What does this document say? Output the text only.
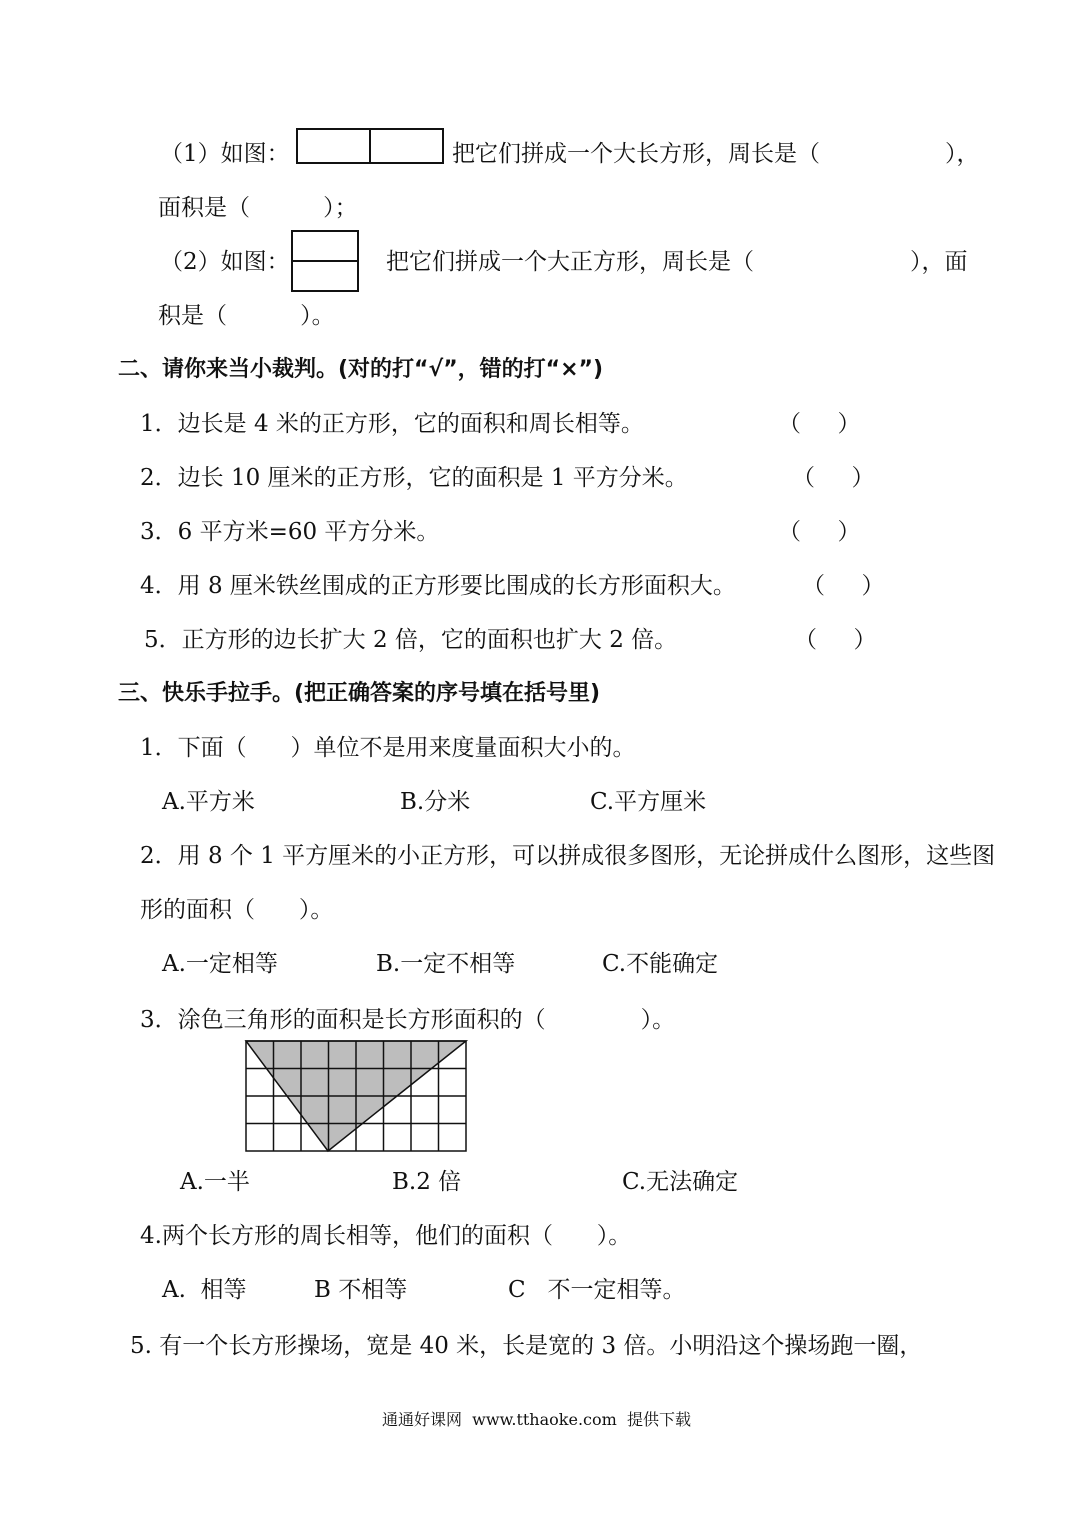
（1）如图：	把它们拼成一个大长方形，周长是（	），
面积是（          ）；
（2）如图：	把它们拼成一个大正方形，周长是（	），面
积是（          ）。
二、请你来当小裁判。(对的打“√”，错的打“×”)
1．边长是 4 米的正方形，它的面积和周长相等。	（     ）
2．边长 10 厘米的正方形，它的面积是 1 平方分米。	（     ）
3．6 平方米=60 平方分米。	（     ）
4．用 8 厘米铁丝围成的正方形要比围成的长方形面积大。	（     ）
5．正方形的边长扩大 2 倍，它的面积也扩大 2 倍。	（     ）
三、快乐手拉手。(把正确答案的序号填在括号里)
1．下面（      ）单位不是用来度量面积大小的。
A.平方米	B.分米	C.平方厘米
2．用 8 个 1 平方厘米的小正方形，可以拼成很多图形，无论拼成什么图形，这些图
形的面积（      ）。
A.一定相等	B.一定不相等	C.不能确定
3．涂色三角形的面积是长方形面积的（             ）。
A.一半	B.2 倍	C.无法确定
4.两个长方形的周长相等，他们的面积（      ）。
A.  相等	B 不相等	C   不一定相等。
5. 有一个长方形操场，宽是 40 米，长是宽的 3 倍。小明沿这个操场跑一圈，
通通好课网  www.tthaoke.com  提供下载
